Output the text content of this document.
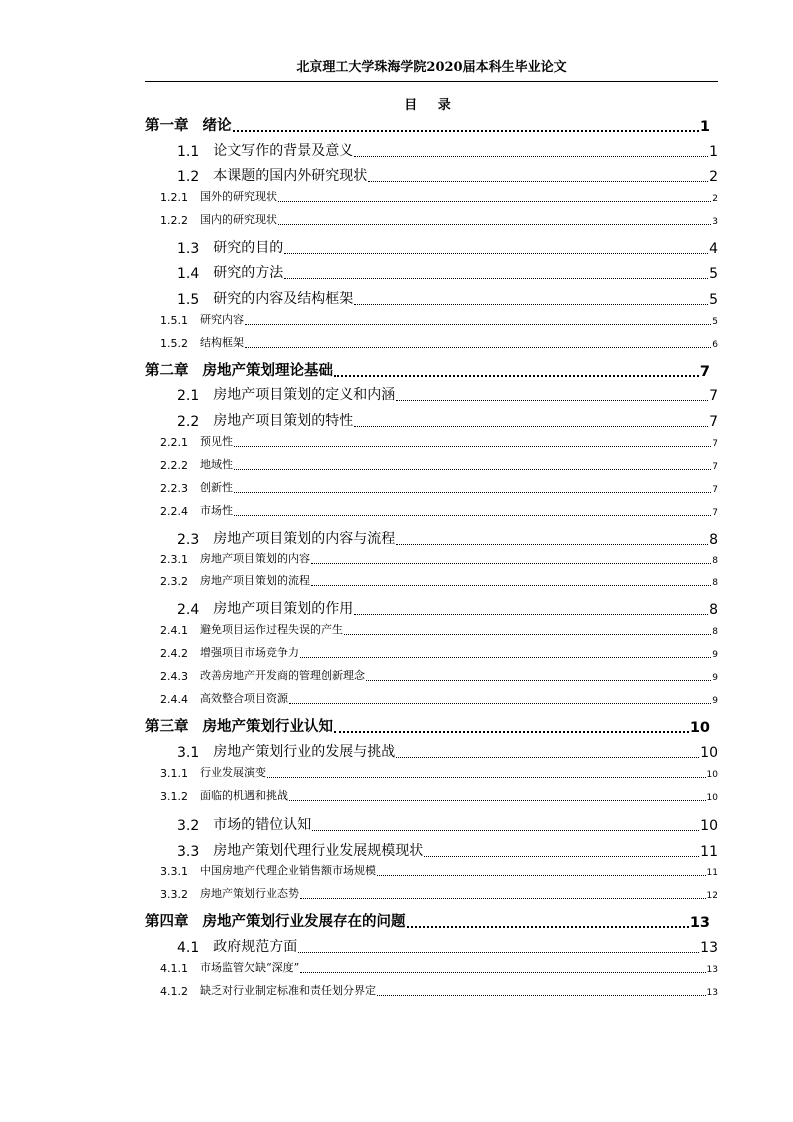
北京理工大学珠海学院2020届本科生毕业论文
目 录
第一章 绪论	1
1.1 论文写作的背景及意义	1
1.2 本课题的国内外研究现状	2
1.2.1	国外的研究现状	2
1.2.2	国内的研究现状	3
1.3 研究的目的	4
1.4 研究的方法	5
1.5 研究的内容及结构框架	5
1.5.1	研究内容	5
1.5.2	结构框架	6
第二章 房地产策划理论基础	7
2.1 房地产项目策划的定义和内涵	7
2.2 房地产项目策划的特性	7
2.2.1	预见性	7
2.2.2	地域性	7
2.2.3	创新性	7
2.2.4	市场性	7
2.3 房地产项目策划的内容与流程	8
2.3.1	房地产项目策划的内容	8
2.3.2	房地产项目策划的流程	8
2.4 房地产项目策划的作用	8
2.4.1	避免项目运作过程失误的产生	8
2.4.2	增强项目市场竞争力	9
2.4.3	改善房地产开发商的管理创新理念	9
2.4.4	高效整合项目资源	9
第三章 房地产策划行业认知	10
3.1 房地产策划行业的发展与挑战	10
3.1.1	行业发展演变	10
3.1.2	面临的机遇和挑战	10
3.2 市场的错位认知	10
3.3 房地产策划代理行业发展规模现状	11
3.3.1	中国房地产代理企业销售额市场规模	11
3.3.2	房地产策划行业态势	12
第四章 房地产策划行业发展存在的问题	13
4.1 政府规范方面	13
4.1.1	市场监管欠缺“深度”	13
4.1.2	缺乏对行业制定标准和责任划分界定	13
